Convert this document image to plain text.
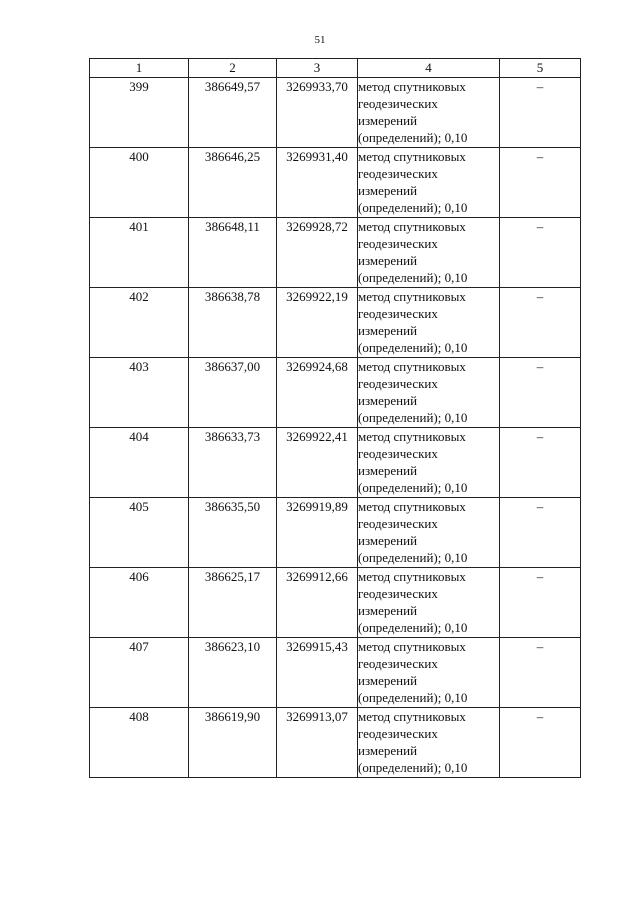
51
1	2	3	4	5
399	386649,57	3269933,70	метод спутниковых
геодезических
измерений
(определений); 0,10	–
400	386646,25	3269931,40	метод спутниковых
геодезических
измерений
(определений); 0,10	–
401	386648,11	3269928,72	метод спутниковых
геодезических
измерений
(определений); 0,10	–
402	386638,78	3269922,19	метод спутниковых
геодезических
измерений
(определений); 0,10	–
403	386637,00	3269924,68	метод спутниковых
геодезических
измерений
(определений); 0,10	–
404	386633,73	3269922,41	метод спутниковых
геодезических
измерений
(определений); 0,10	–
405	386635,50	3269919,89	метод спутниковых
геодезических
измерений
(определений); 0,10	–
406	386625,17	3269912,66	метод спутниковых
геодезических
измерений
(определений); 0,10	–
407	386623,10	3269915,43	метод спутниковых
геодезических
измерений
(определений); 0,10	–
408	386619,90	3269913,07	метод спутниковых
геодезических
измерений
(определений); 0,10	–
